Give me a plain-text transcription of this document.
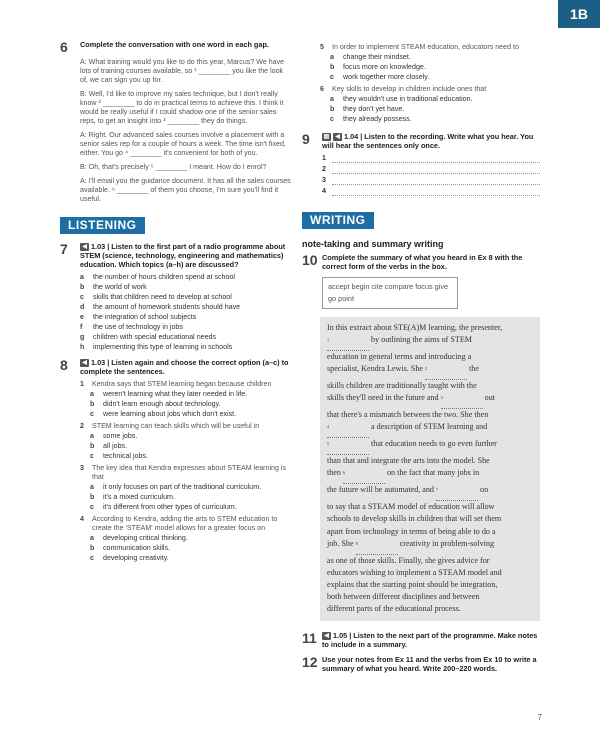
1B
6	Complete the conversation with one word in each gap.

A: What training would you like to do this year, Marcus? We have lots of training courses available, so ¹ ________ you like the look of, we can sign you up for.

B: Well, I'd like to improve my sales technique, but I don't really know ² ________ to do in practical terms to achieve this. I think it would be really useful if I could shadow one of the senior sales reps, to get an insight into ³ ________ they do things.

A: Right. Our advanced sales courses involve a placement with a senior sales rep for a couple of hours a week. The time isn't fixed, either. You go ⁴ ________ it's convenient for both of you.

B: Oh, that's precisely ⁵ ________ I meant. How do I enrol?

A: I'll email you the guidance document. It has all the sales courses available. ⁶ ________ of them you choose, I'm sure you'll find it useful.

LISTENING
7	◀ 1.03 | Listen to the first part of a radio programme about STEM (science, technology, engineering and mathematics) education. Which topics (a–h) are discussed?
a	the number of hours children spend at school
b	the world of work
c	skills that children need to develop at school
d	the amount of homework students should have
e	the integration of school subjects
f	the use of technology in jobs
g	children with special educational needs
h	implementing this type of learning in schools
8	◀ 1.03 | Listen again and choose the correct option (a–c) to complete the sentences.
1	Kendra says that STEM learning began because children
a	weren't learning what they later needed in life.
b	didn't learn enough about technology.
c	were learning about jobs which don't exist.
2	STEM learning can teach skills which will be useful in
a	some jobs.
b	all jobs.
c	technical jobs.
3	The key idea that Kendra expresses about STEAM learning is that
a	it only focuses on part of the traditional curriculum.
b	it's a mixed curriculum.
c	it's different from other types of curriculum.
4	According to Kendra, adding the arts to STEM education to create the 'STEAM' model allows for a greater focus on
a	developing critical thinking.
b	communication skills.
c	developing creativity.
5	In order to implement STEAM education, educators need to
a	change their mindset.
b	focus more on knowledge.
c	work together more closely.
6	Key skills to develop in children include ones that
a	they wouldn't use in traditional education.
b	they don't yet have.
c	they already possess.
9	▤ ◀ 1.04 | Listen to the recording. Write what you hear. You will hear the sentences only once.
1
2
3
4
WRITING
note-taking and summary writing
10 Complete the summary of what you heard in Ex 8 with the correct form of the verbs in the box.
accept begin cite compare focus give go point
In this extract about STE(A)M learning, the presenter,
$^1$	by outlining the aims of STEM
education in general terms and introducing a
specialist, Kendra Lewis. She $^2$	the
skills children are traditionally taught with the
skills they'll need in the future and $^3$	out
that there's a mismatch between the two. She then
$^4$	a description of STEM learning and
$^5$	that education needs to go even further
than that and integrate the arts into the model. She
then $^6$	on the fact that many jobs in
the future will be automated, and $^7$	on
to say that a STEAM model of education will allow
schools to develop skills in children that will set them
apart from technology in terms of being able to do a
job. She $^8$	creativity in problem-solving
as one of those skills. Finally, she gives advice for
educators wishing to implement a STEAM model and
explains that the starting point should be integration,
both between different disciplines and between
different parts of the educational process.
11	◀ 1.05 | Listen to the next part of the programme. Make notes to include in a summary.
12 Use your notes from Ex 11 and the verbs from Ex 10 to write a summary of what you heard. Write 200–220 words.
7
